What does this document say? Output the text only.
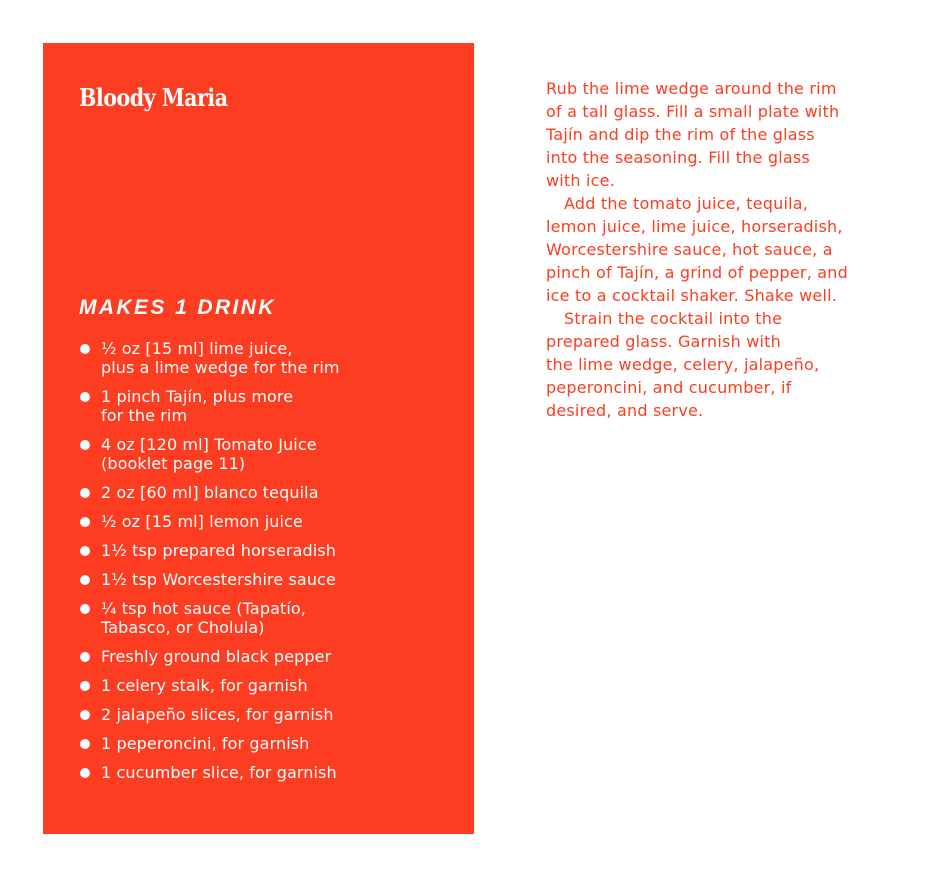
Bloody Maria
MAKES 1 DRINK
½ oz [15 ml] lime juice,
plus a lime wedge for the rim
1 pinch Tajín, plus more
for the rim
4 oz [120 ml] Tomato Juice
(booklet page 11)
2 oz [60 ml] blanco tequila
½ oz [15 ml] lemon juice
1½ tsp prepared horseradish
1½ tsp Worcestershire sauce
¼ tsp hot sauce (Tapatío,
Tabasco, or Cholula)
Freshly ground black pepper
1 celery stalk, for garnish
2 jalapeño slices, for garnish
1 peperoncini, for garnish
1 cucumber slice, for garnish

Rub the lime wedge around the rim
of a tall glass. Fill a small plate with
Tajín and dip the rim of the glass
into the seasoning. Fill the glass
with ice.

Add the tomato juice, tequila,
lemon juice, lime juice, horseradish,
Worcestershire sauce, hot sauce, a
pinch of Tajín, a grind of pepper, and
ice to a cocktail shaker. Shake well.

Strain the cocktail into the
prepared glass. Garnish with
the lime wedge, celery, jalapeño,
peperoncini, and cucumber, if
desired, and serve.
